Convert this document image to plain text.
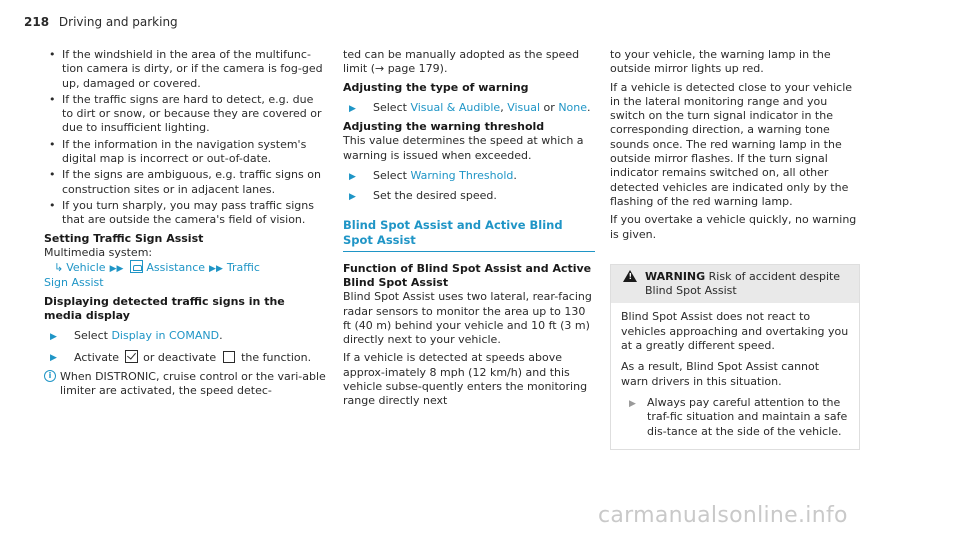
218 Driving and parking
• If the windshield in the area of the multifunc-tion camera is dirty, or if the camera is fog-ged up, damaged or covered.
• If the traffic signs are hard to detect, e.g. due to dirt or snow, or because they are covered or due to insufficient lighting.
• If the information in the navigation system's digital map is incorrect or out-of-date.
• If the signs are ambiguous, e.g. traffic signs on construction sites or in adjacent lanes.
• If you turn sharply, you may pass traffic signs that are outside the camera's field of vision.

Setting Traffic Sign Assist

Multimedia system:

↳ Vehicle ▶▶ Assistance ▶▶ Traffic

Sign Assist

Displaying detected traffic signs in the media display

▶ Select Display in COMAND.
▶ Activate or deactivate the function.
i When DISTRONIC, cruise control or the vari-able limiter are activated, the speed detec-

ted can be manually adopted as the speed limit (→ page 179).

Adjusting the type of warning

▶ Select Visual & Audible, Visual or None.

Adjusting the warning threshold

This value determines the speed at which a warning is issued when exceeded.

▶ Select Warning Threshold.
▶ Set the desired speed.
Blind Spot Assist and Active Blind Spot Assist

Function of Blind Spot Assist and Active Blind Spot Assist

Blind Spot Assist uses two lateral, rear-facing radar sensors to monitor the area up to 130 ft (40 m) behind your vehicle and 10 ft (3 m) directly next to your vehicle.

If a vehicle is detected at speeds above approx-imately 8 mph (12 km/h) and this vehicle subse-quently enters the monitoring range directly next

to your vehicle, the warning lamp in the outside mirror lights up red.

If a vehicle is detected close to your vehicle in the lateral monitoring range and you switch on the turn signal indicator in the corresponding direction, a warning tone sounds once. The red warning lamp in the outside mirror flashes. If the turn signal indicator remains switched on, all other detected vehicles are indicated only by the flashing of the red warning lamp.

If you overtake a vehicle quickly, no warning is given.

!
WARNING Risk of accident despite Blind Spot Assist

Blind Spot Assist does not react to vehicles approaching and overtaking you at a greatly different speed.

As a result, Blind Spot Assist cannot warn drivers in this situation.

▶ Always pay careful attention to the traf-fic situation and maintain a safe dis-tance at the side of the vehicle.
carmanualsonline.info
